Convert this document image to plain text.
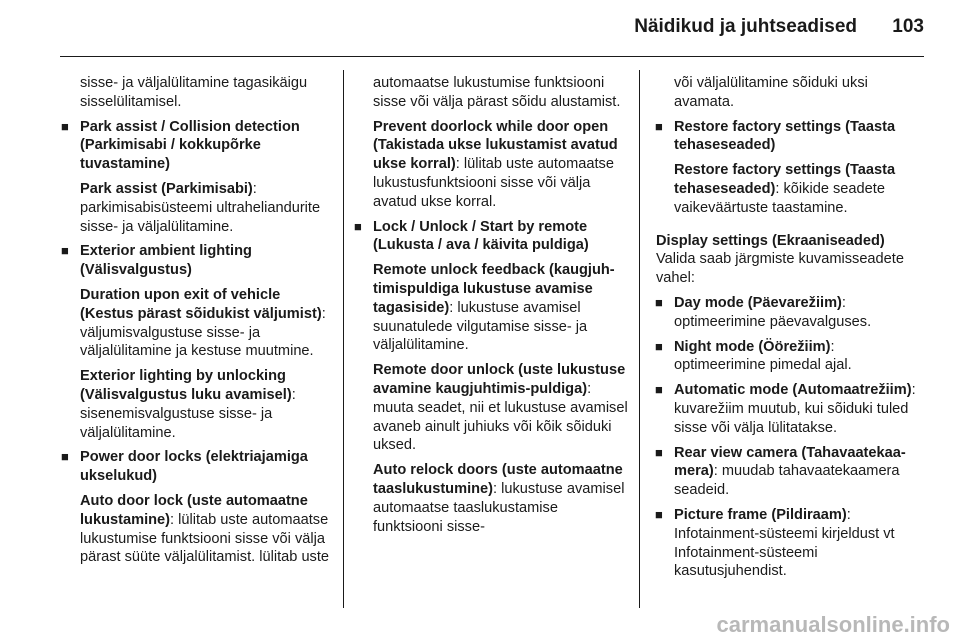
Näidikud ja juhtseadised 103

sisse- ja väljalülitamine tagasikäigu sisselülitamisel.

■ Park assist / Collision detection (Parkimisabi / kokkupõrke tuvastamine)

Park assist (Parkimisabi): parkimisabisüsteemi ultraheliandurite sisse- ja väljalülitamine.

■ Exterior ambient lighting (Välisvalgustus)

Duration upon exit of vehicle (Kestus pärast sõidukist väljumist): väljumisvalgustuse sisse- ja väljalülitamine ja kestuse muutmine.

Exterior lighting by unlocking (Välisvalgustus luku avamisel): sisenemisvalgustuse sisse- ja väljalülitamine.

■ Power door locks (elektriajamiga ukselukud)

Auto door lock (uste automaatne lukustamine): lülitab uste automaatse lukustumise funktsiooni sisse või välja pärast süüte väljalülitamist. lülitab uste

automaatse lukustumise funktsiooni sisse või välja pärast sõidu alustamist.

Prevent doorlock while door open (Takistada ukse lukustamist avatud ukse korral): lülitab uste automaatse lukustusfunktsiooni sisse või välja avatud ukse korral.

■ Lock / Unlock / Start by remote (Lukusta / ava / käivita puldiga)

Remote unlock feedback (kaugjuh-timispuldiga lukustuse avamise tagasiside): lukustuse avamisel suunatulede vilgutamise sisse- ja väljalülitamine.

Remote door unlock (uste lukustuse avamine kaugjuhtimis-puldiga): muuta seadet, nii et lukustuse avamisel avaneb ainult juhiuks või kõik sõiduki uksed.

Auto relock doors (uste automaatne taaslukustumine): lukustuse avamisel automaatse taaslukustamise funktsiooni sisse-

või väljalülitamine sõiduki uksi avamata.

■ Restore factory settings (Taasta tehaseseaded)

Restore factory settings (Taasta tehaseseaded): kõikide seadete vaikeväärtuste taastamine.

Display settings (Ekraaniseaded)

Valida saab järgmiste kuvamisseadete vahel:

■ Day mode (Päevarežiim): optimeerimine päevavalguses.

■ Night mode (Öörežiim): optimeerimine pimedal ajal.

■ Automatic mode (Automaatrežiim): kuvarežiim muutub, kui sõiduki tuled sisse või välja lülitatakse.

■ Rear view camera (Tahavaatekaa-mera): muudab tahavaatekaamera seadeid.

■ Picture frame (Pildiraam): Infotainment-süsteemi kirjeldust vt Infotainment-süsteemi kasutusjuhendist.

carmanualsonline.info
